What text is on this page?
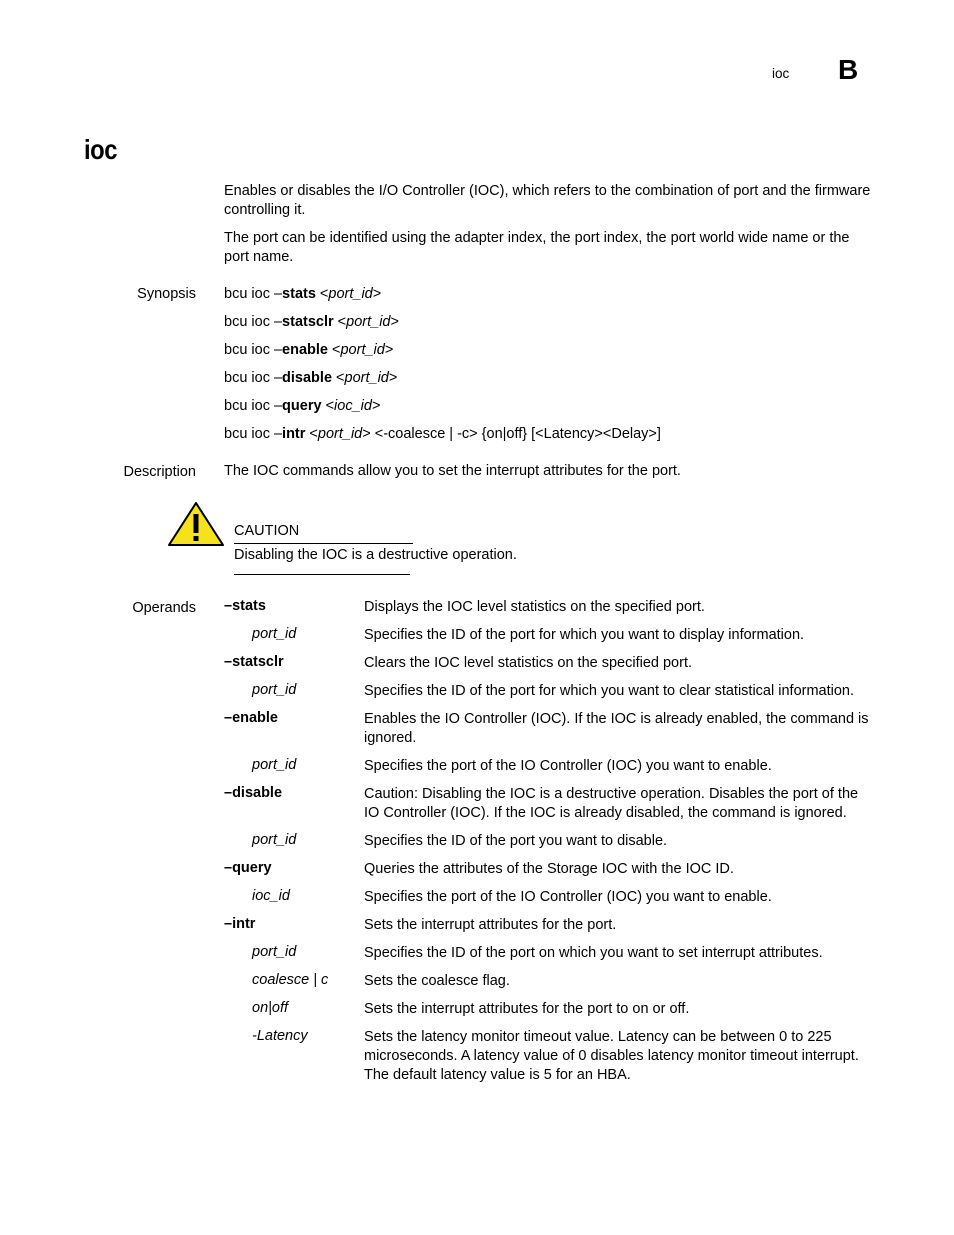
ioc B
ioc
Enables or disables the I/O Controller (IOC), which refers to the combination of port and the firmware controlling it.
The port can be identified using the adapter index, the port index, the port world wide name or the port name.
Synopsis bcu ioc –stats <port_id>
bcu ioc –statsclr <port_id>
bcu ioc –enable <port_id>
bcu ioc –disable <port_id>
bcu ioc –query <ioc_id>
bcu ioc –intr <port_id> <-coalesce | -c> {on|off} [<Latency><Delay>]
Description The IOC commands allow you to set the interrupt attributes for the port.
CAUTION
Disabling the IOC is a destructive operation.
Operands –stats	Displays the IOC level statistics on the specified port.
port_id	Specifies the ID of the port for which you want to display information.
–statsclr	Clears the IOC level statistics on the specified port.
port_id	Specifies the ID of the port for which you want to clear statistical information.
–enable	Enables the IO Controller (IOC). If the IOC is already enabled, the command is ignored.
port_id	Specifies the port of the IO Controller (IOC) you want to enable.
–disable	Caution: Disabling the IOC is a destructive operation. Disables the port of the IO Controller (IOC). If the IOC is already disabled, the command is ignored.
port_id	Specifies the ID of the port you want to disable.
–query	Queries the attributes of the Storage IOC with the IOC ID.
ioc_id	Specifies the port of the IO Controller (IOC) you want to enable.
–intr	Sets the interrupt attributes for the port.
port_id	Specifies the ID of the port on which you want to set interrupt attributes.
coalesce | c Sets the coalesce flag.
on|off	Sets the interrupt attributes for the port to on or off.
-Latency	Sets the latency monitor timeout value. Latency can be between 0 to 225 microseconds. A latency value of 0 disables latency monitor timeout interrupt. The default latency value is 5 for an HBA.
